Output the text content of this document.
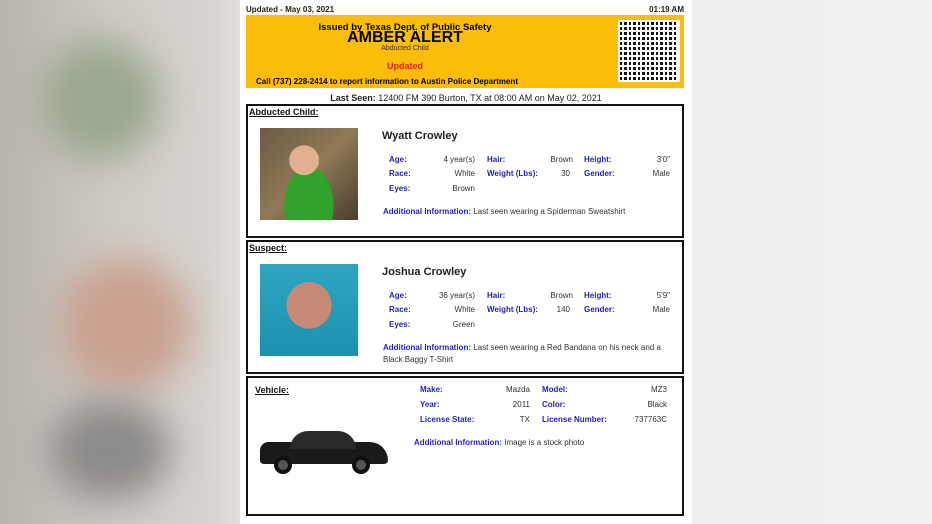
Updated - May 03, 2021	01:19 AM
Issued by Texas Dept. of Public Safety
AMBER ALERT
Abducted Child
Updated
Call (737) 228-2414 to report information to Austin Police Department
Last Seen: 12400 FM 390 Burton, TX at 08:00 AM on May 02, 2021
Abducted Child:
Wyatt Crowley
Age:	4 year(s) Hair:	Brown Height:	3'0"
Race:	White Weight (Lbs):	30 Gender:	Male
Eyes:	Brown
Additional Information: Last seen wearing a Spiderman Sweatshirt
Suspect:
Joshua Crowley
Age:	36 year(s) Hair:	Brown Height:	5'9"
Race:	White Weight (Lbs):	140 Gender:	Male
Eyes:	Green
Additional Information: Last seen wearing a Red Bandana on his neck and a Black Baggy T-Shirt
Vehicle:	Make:	Mazda Model:	MZ3
Year:	2011 Color:	Black
License State:	TX License Number:	737763C
Additional Information: Image is a stock photo
